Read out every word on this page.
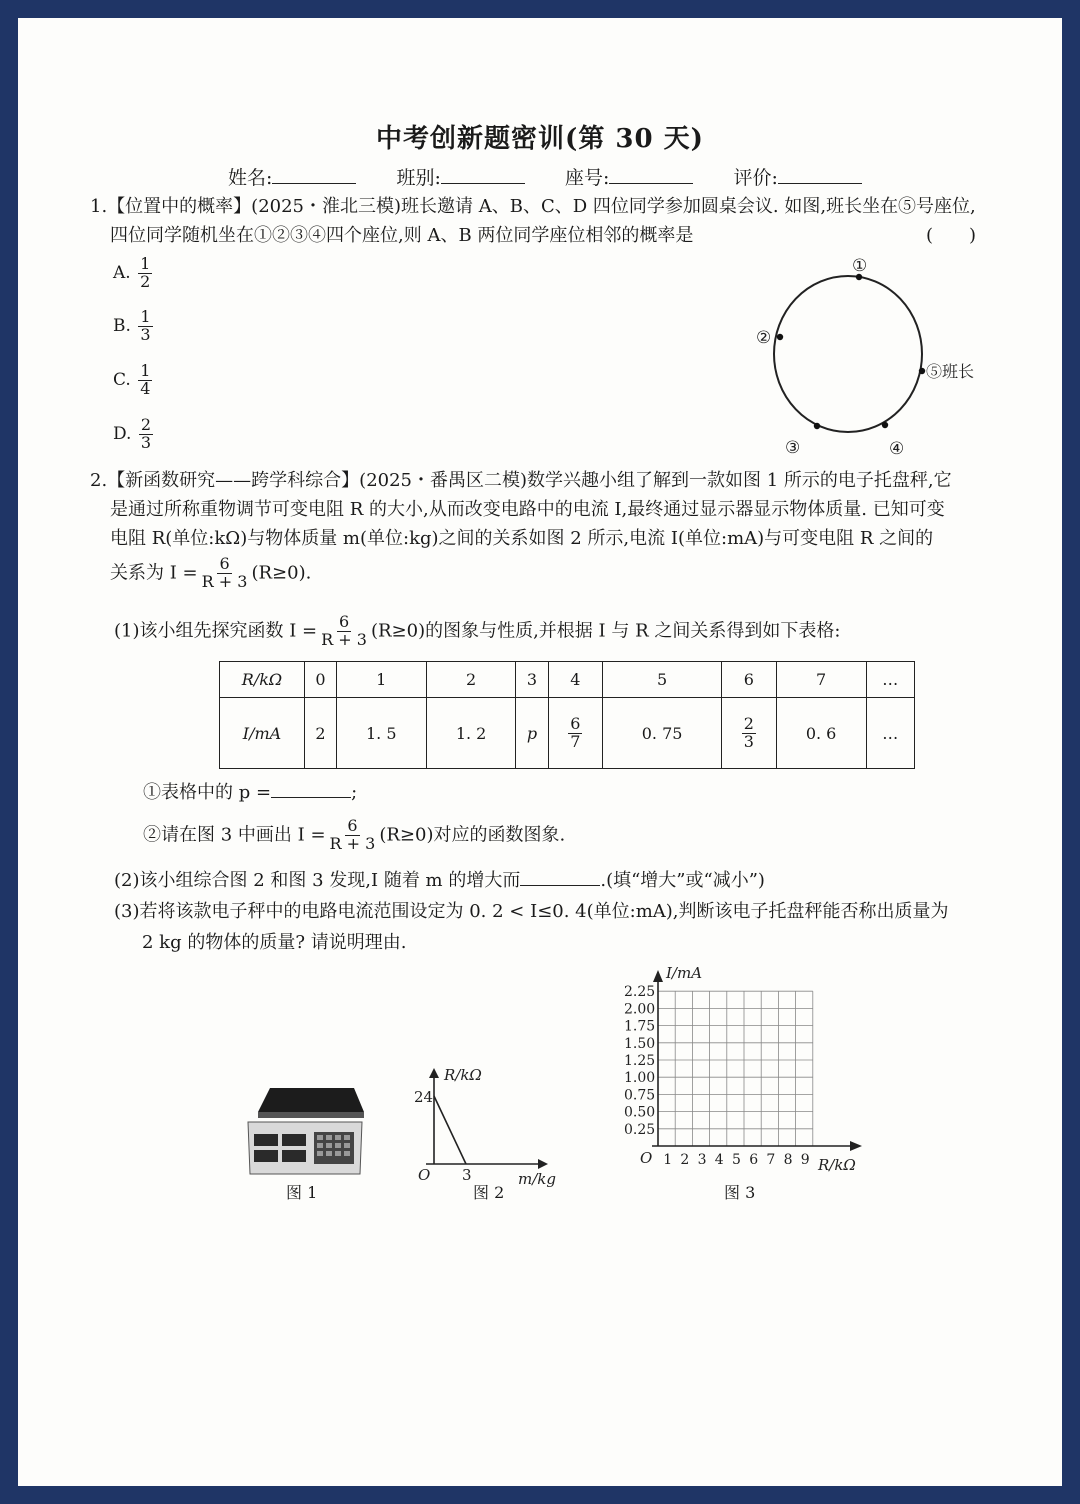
中考创新题密训(第 30 天)
姓名:	班别:	座号:	评价:
1.【位置中的概率】(2025・淮北三模)班长邀请 A、B、C、D 四位同学参加圆桌会议. 如图,班长坐在⑤号座位,
四位同学随机坐在①②③④四个座位,则 A、B 两位同学座位相邻的概率是	(　　)
A. $\frac{1}{2}$
B. $\frac{1}{3}$
C. $\frac{1}{4}$
D. $\frac{2}{3}$
①
②
⑤班长
③	④
2.【新函数研究——跨学科综合】(2025・番禺区二模)数学兴趣小组了解到一款如图 1 所示的电子托盘秤,它
是通过所称重物调节可变电阻 R 的大小,从而改变电路中的电流 I,最终通过显示器显示物体质量. 已知可变
电阻 R(单位:kΩ)与物体质量 m(单位:kg)之间的关系如图 2 所示,电流 I(单位:mA)与可变电阻 R 之间的
关系为 $I = \frac{6}{R + 3} (R\ge 0)$.
(1)该小组先探究函数 $I = \frac{6}{R + 3} (R\ge 0)$的图象与性质,并根据 I 与 R 之间关系得到如下表格:
R/kΩ	0	1	2	3	4	5	6	7	…
I/mA	2	1. 5	1. 2	p	$\frac{6}{7}$	0. 75	$\frac{2}{3}$	0. 6	…
①表格中的 p =	;
②请在图 3 中画出 $I = \frac{6}{R + 3} (R\ge 0)$对应的函数图象.
(2)该小组综合图 2 和图 3 发现,I 随着 m 的增大而	.(填“增大”或“减小”)
(3)若将该款电子秤中的电路电流范围设定为 0. 2 < I≤0. 4(单位:mA),判断该电子托盘秤能否称出质量为
2 kg 的物体的质量? 请说明理由.
图 1
R/kΩ
24
O 3	m/kg
图 2
I/mA
R/kΩ
O
2.25
2.00
1.75
1.50
1.25
1.00
0.75
0.50
0.25
1 2 3 4 5 6 7 8 9
图 3
